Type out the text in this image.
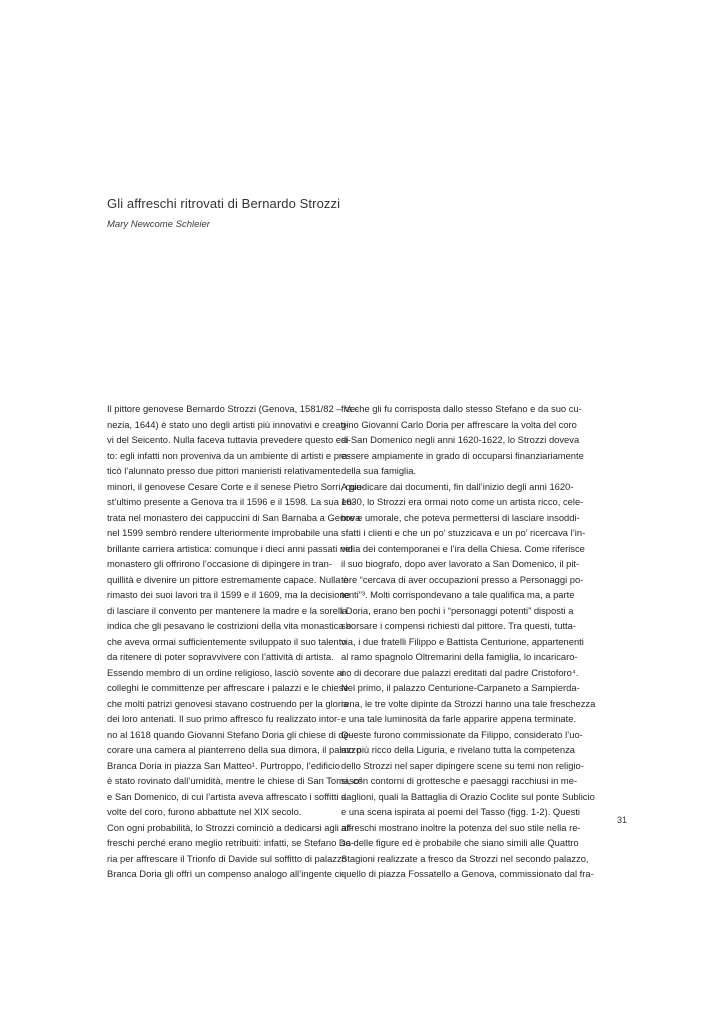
Gli affreschi ritrovati di Bernardo Strozzi
Mary Newcome Schleier
Il pittore genovese Bernardo Strozzi (Genova, 1581/82 – Ve-
nezia, 1644) è stato uno degli artisti più innovativi e creati-
vi del Seicento. Nulla faceva tuttavia prevedere questo esi-
to: egli infatti non proveniva da un ambiente di artisti e pra-
ticò l’alunnato presso due pittori manieristi relativamente
minori, il genovese Cesare Corte e il senese Pietro Sorri, que-
st’ultimo presente a Genova tra il 1596 e il 1598. La sua en-
trata nel monastero dei cappuccini di San Barnaba a Genova
nel 1599 sembrò rendere ulteriormente improbabile una
brillante carriera artistica: comunque i dieci anni passati nel
monastero gli offrirono l’occasione di dipingere in tran-
quillità e divenire un pittore estremamente capace. Nulla è
rimasto dei suoi lavori tra il 1599 e il 1609, ma la decisione
di lasciare il convento per mantenere la madre e la sorella
indica che gli pesavano le costrizioni della vita monastica e
che aveva ormai sufficientemente sviluppato il suo talento
da ritenere di poter sopravvivere con l’attività di artista.
Essendo membro di un ordine religioso, lasciò sovente ai
colleghi le committenze per affrescare i palazzi e le chiese
che molti patrizi genovesi stavano costruendo per la gloria
dei loro antenati. Il suo primo affresco fu realizzato intor-
no al 1618 quando Giovanni Stefano Doria gli chiese di de-
corare una camera al pianterreno della sua dimora, il palazzo
Branca Doria in piazza San Matteo¹. Purtroppo, l’edificio
è stato rovinato dall’umidità, mentre le chiese di San Tomaso²
e San Domenico, di cui l’artista aveva affrescato i soffitti a
volte del coro, furono abbattute nel XIX secolo.
Con ogni probabilità, lo Strozzi cominciò a dedicarsi agli af-
freschi perché erano meglio retribuiti: infatti, se Stefano Do-
ria per affrescare il Trionfo di Davide sul soffitto di palazzo
Branca Doria gli offrì un compenso analogo all’ingente ci-
fra che gli fu corrisposta dallo stesso Stefano e da suo cu-
gino Giovanni Carlo Doria per affrescare la volta del coro
di San Domenico negli anni 1620-1622, lo Strozzi doveva
essere ampiamente in grado di occuparsi finanziariamente
della sua famiglia.
A giudicare dai documenti, fin dall’inizio degli anni 1620-
1630, lo Strozzi era ormai noto come un artista ricco, cele-
bre e umorale, che poteva permettersi di lasciare insoddi-
sfatti i clienti e che un po’ stuzzicava e un po’ ricercava l’in-
vidia dei contemporanei e l’ira della Chiesa. Come riferisce
il suo biografo, dopo aver lavorato a San Domenico, il pit-
tore “cercava di aver occupazioni presso a Personaggi po-
tenti”³. Molti corrispondevano a tale qualifica ma, a parte
i Doria, erano ben pochi i “personaggi potenti” disposti a
sborsare i compensi richiesti dal pittore. Tra questi, tutta-
via, i due fratelli Filippo e Battista Centurione, appartenenti
al ramo spagnolo Oltremarini della famiglia, lo incaricaro-
no di decorare due palazzi ereditati dal padre Cristoforo⁴.
Nel primo, il palazzo Centurione-Carpaneto a Sampierda-
rena, le tre volte dipinte da Strozzi hanno una tale freschezza
e una tale luminosità da farle apparire appena terminate.
Queste furono commissionate da Filippo, considerato l’uo-
mo più ricco della Liguria, e rivelano tutta la competenza
dello Strozzi nel saper dipingere scene su temi non religio-
si, con contorni di grottesche e paesaggi racchiusi in me-
daglioni, quali la Battaglia di Orazio Coclite sul ponte Sublicio
e una scena ispirata ai poemi del Tasso (figg. 1-2). Questi
affreschi mostrano inoltre la potenza del suo stile nella re-
sa delle figure ed è probabile che siano simili alle Quattro
Stagioni realizzate a fresco da Strozzi nel secondo palazzo,
quello di piazza Fossatello a Genova, commissionato dal fra-
31
